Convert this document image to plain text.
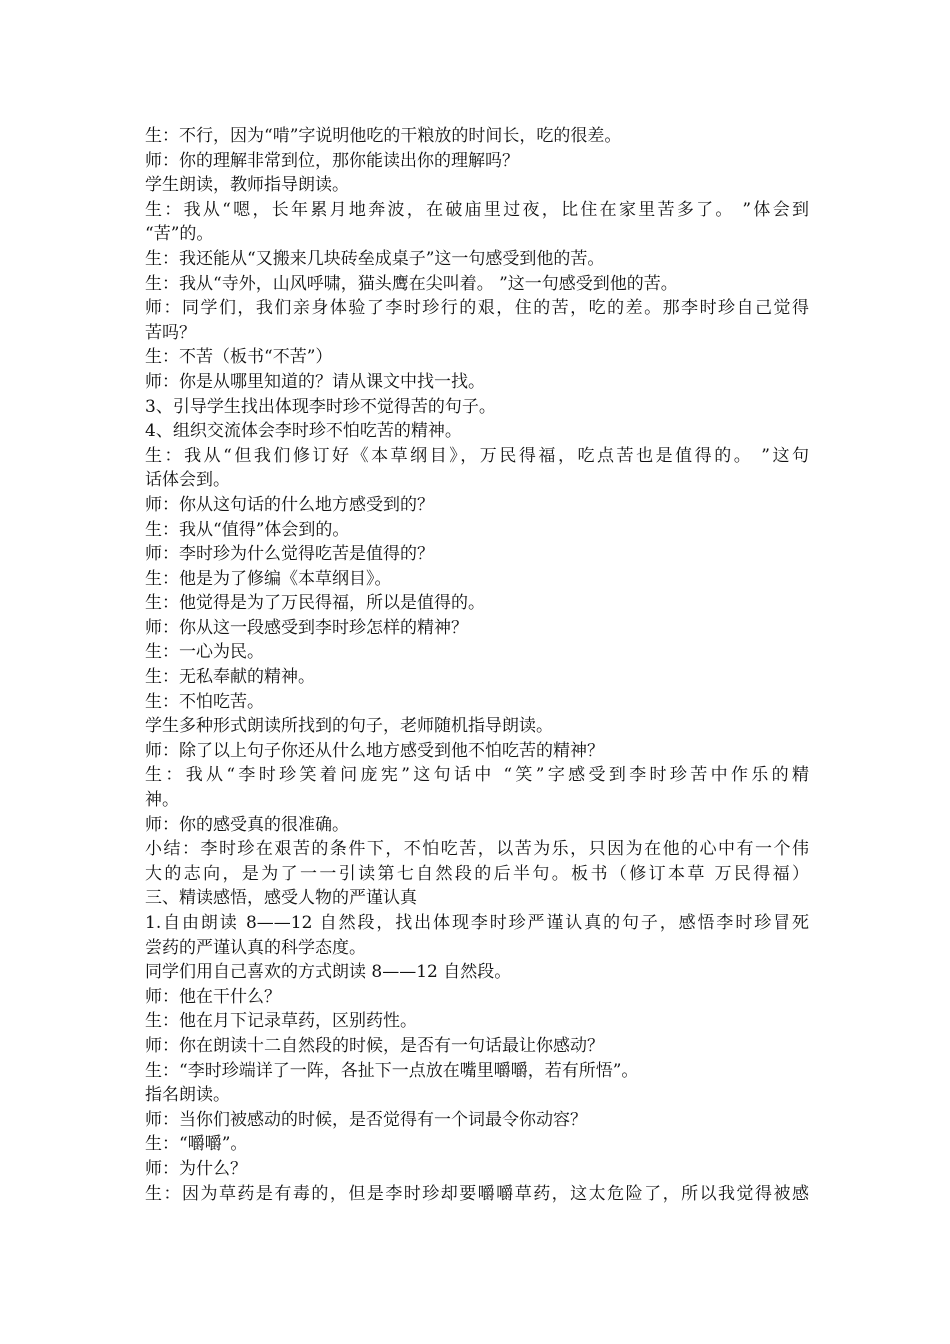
生：不行，因为“啃”字说明他吃的干粮放的时间长，吃的很差。

师：你的理解非常到位，那你能读出你的理解吗？

学生朗读，教师指导朗读。

生：我从“嗯，长年累月地奔波，在破庙里过夜，比住在家里苦多了。 ”体会到

“苦”的。

生：我还能从“又搬来几块砖垒成桌子”这一句感受到他的苦。

生：我从“寺外，山风呼啸，猫头鹰在尖叫着。 ”这一句感受到他的苦。

师：同学们，我们亲身体验了李时珍行的艰，住的苦，吃的差。那李时珍自己觉得

苦吗？

生：不苦（板书“不苦”）

师：你是从哪里知道的？请从课文中找一找。

3、引导学生找出体现李时珍不觉得苦的句子。

4、组织交流体会李时珍不怕吃苦的精神。

生：我从“但我们修订好《本草纲目》，万民得福，吃点苦也是值得的。 ”这句

话体会到。

师：你从这句话的什么地方感受到的？

生：我从“值得”体会到的。

师：李时珍为什么觉得吃苦是值得的？

生：他是为了修编《本草纲目》。

生：他觉得是为了万民得福，所以是值得的。

师：你从这一段感受到李时珍怎样的精神？

生：一心为民。

生：无私奉献的精神。

生：不怕吃苦。

学生多种形式朗读所找到的句子，老师随机指导朗读。

师：除了以上句子你还从什么地方感受到他不怕吃苦的精神？

生：我从“李时珍笑着问庞宪”这句话中 “笑”字感受到李时珍苦中作乐的精

神。

师：你的感受真的很准确。

小结：李时珍在艰苦的条件下，不怕吃苦，以苦为乐，只因为在他的心中有一个伟

大的志向，是为了一一引读第七自然段的后半句。板书（修订本草 万民得福）

三、精读感悟，感受人物的严谨认真

1.自由朗读 8——12 自然段，找出体现李时珍严谨认真的句子，感悟李时珍冒死

尝药的严谨认真的科学态度。

同学们用自己喜欢的方式朗读 8——12 自然段。

师：他在干什么？

生：他在月下记录草药，区别药性。

师：你在朗读十二自然段的时候，是否有一句话最让你感动？

生：“李时珍端详了一阵，各扯下一点放在嘴里嚼嚼，若有所悟”。

指名朗读。

师：当你们被感动的时候，是否觉得有一个词最令你动容？

生：“嚼嚼”。

师：为什么？

生：因为草药是有毒的，但是李时珍却要嚼嚼草药，这太危险了，所以我觉得被感
